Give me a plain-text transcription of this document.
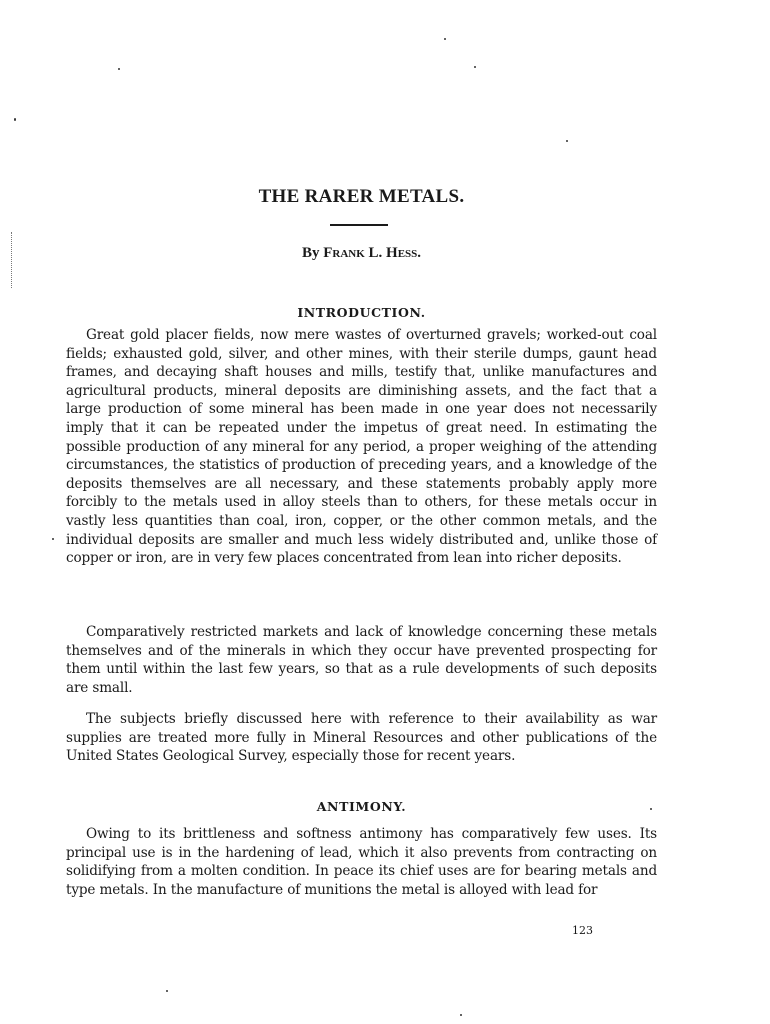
THE RARER METALS.

By Frank L. Hess.

INTRODUCTION.

Great gold placer fields, now mere wastes of overturned gravels; worked-out coal fields; exhausted gold, silver, and other mines, with their sterile dumps, gaunt head frames, and decaying shaft houses and mills, testify that, unlike manufactures and agricultural products, mineral deposits are diminishing assets, and the fact that a large production of some mineral has been made in one year does not necessarily imply that it can be repeated under the impetus of great need. In estimating the possible production of any mineral for any period, a proper weighing of the attending circumstances, the statistics of production of preceding years, and a knowledge of the deposits themselves are all necessary, and these statements probably apply more forcibly to the metals used in alloy steels than to others, for these metals occur in vastly less quantities than coal, iron, copper, or the other common metals, and the individual deposits are smaller and much less widely distributed and, unlike those of copper or iron, are in very few places concentrated from lean into richer deposits.

Comparatively restricted markets and lack of knowledge concerning these metals themselves and of the minerals in which they occur have prevented prospecting for them until within the last few years, so that as a rule developments of such deposits are small.

The subjects briefly discussed here with reference to their availability as war supplies are treated more fully in Mineral Resources and other publications of the United States Geological Survey, especially those for recent years.

ANTIMONY.

Owing to its brittleness and softness antimony has comparatively few uses. Its principal use is in the hardening of lead, which it also prevents from contracting on solidifying from a molten condition. In peace its chief uses are for bearing metals and type metals. In the manufacture of munitions the metal is alloyed with lead for

123
